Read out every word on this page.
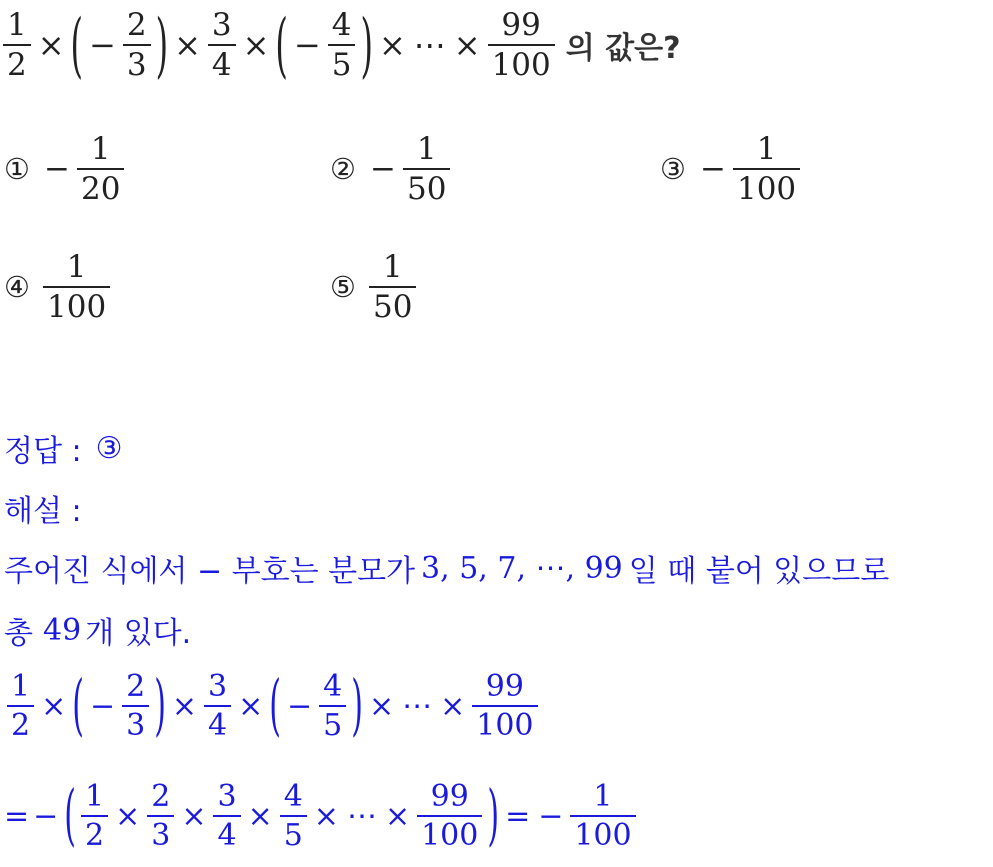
$\frac{1}{2}$ × ( − $\frac{2}{3}$ ) × $\frac{3}{4}$ × ( − $\frac{4}{5}$ ) × ⋯ × $\frac{99}{100}$ 의 값은?
① − $\frac{1}{20}$	② − $\frac{1}{50}$	③ − $\frac{1}{100}$
④ $\frac{1}{100}$	⑤ $\frac{1}{50}$
정답 : ③
해설 :
주어진 식에서 − 부호는 분모가 3, 5, 7, ⋯, 99 일 때 붙어 있으므로
총 49 개 있다.
$\frac{1}{2}$ × ( − $\frac{2}{3}$ ) × $\frac{3}{4}$ × ( − $\frac{4}{5}$ ) × ⋯ × $\frac{99}{100}$
= − ( $\frac{1}{2} \times \frac{2}{3} \times \frac{3}{4} \times \frac{4}{5}$ × ⋯ × $\frac{99}{100}$ ) = − $\frac{1}{100}$
